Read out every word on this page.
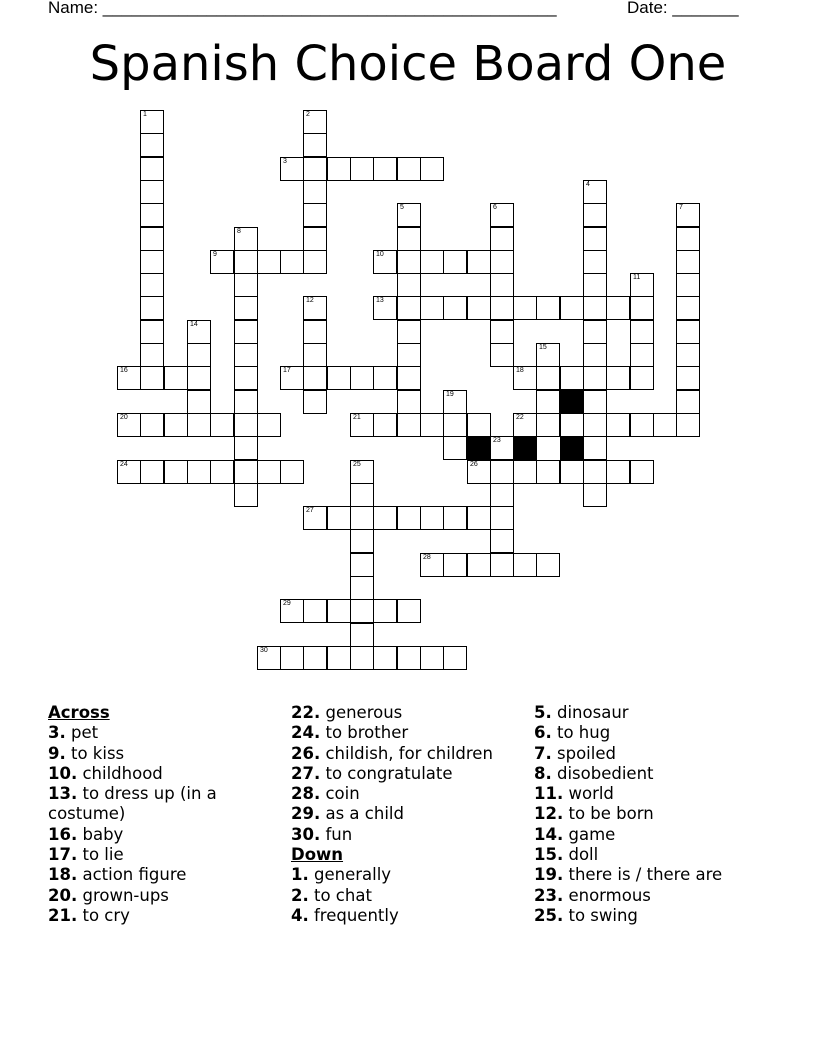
Name: ________________________________________________	Date: _______
Spanish Choice Board One
1	2
3
4
5	6	7
8
9	10
11
12	13
14
15
16	17	18
19
20	21	22
23
24	25	26
27
28
29
30
Across
3. pet
9. to kiss
10. childhood
13. to dress up (in a costume)
16. baby
17. to lie
18. action figure
20. grown-ups
21. to cry
22. generous
24. to brother
26. childish, for children
27. to congratulate
28. coin
29. as a child
30. fun
Down
1. generally
2. to chat
4. frequently
5. dinosaur
6. to hug
7. spoiled
8. disobedient
11. world
12. to be born
14. game
15. doll
19. there is / there are
23. enormous
25. to swing
